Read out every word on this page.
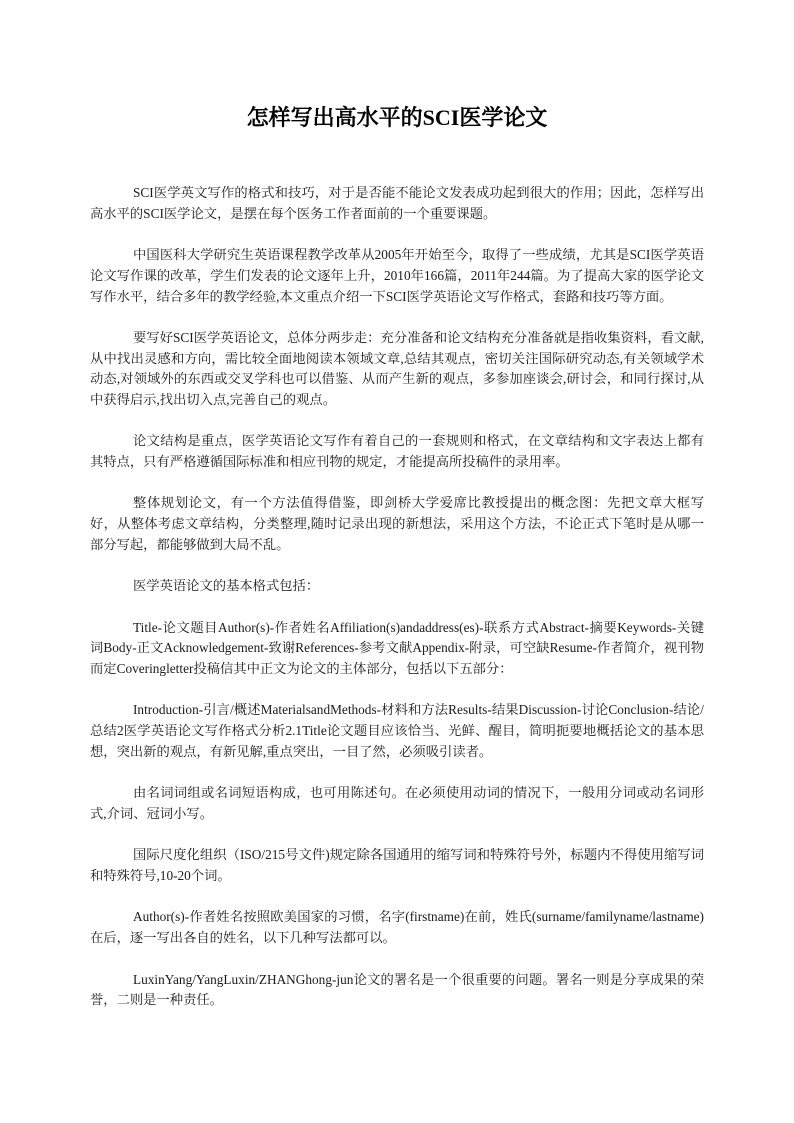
怎样写出高水平的SCI医学论文

SCI医学英文写作的格式和技巧，对于是否能不能论文发表成功起到很大的作用；因此，怎样写出高水平的SCI医学论文，是摆在每个医务工作者面前的一个重要课题。

中国医科大学研究生英语课程教学改革从2005年开始至今，取得了一些成绩，尤其是SCI医学英语论文写作课的改革，学生们发表的论文逐年上升，2010年166篇，2011年244篇。为了提高大家的医学论文写作水平，结合多年的教学经验,本文重点介绍一下SCI医学英语论文写作格式，套路和技巧等方面。

要写好SCI医学英语论文，总体分两步走：充分准备和论文结构充分准备就是指收集资料，看文献,从中找出灵感和方向，需比较全面地阅读本领域文章,总结其观点，密切关注国际研究动态,有关领域学术动态,对领域外的东西或交叉学科也可以借鉴、从而产生新的观点，多参加座谈会,研讨会，和同行探讨,从中获得启示,找出切入点,完善自己的观点。

论文结构是重点，医学英语论文写作有着自己的一套规则和格式，在文章结构和文字表达上都有其特点，只有严格遵循国际标准和相应刊物的规定，才能提高所投稿件的录用率。

整体规划论文，有一个方法值得借鉴，即剑桥大学爱席比教授提出的概念图：先把文章大框写好，从整体考虑文章结构，分类整理,随时记录出现的新想法，采用这个方法，不论正式下笔时是从哪一部分写起，都能够做到大局不乱。

医学英语论文的基本格式包括：

Title-论文题目Author(s)-作者姓名Affiliation(s)andaddress(es)-联系方式Abstract-摘要Keywords-关键词Body-正文Acknowledgement-致谢References-参考文献Appendix-附录，可空缺Resume-作者简介，视刊物而定Coveringletter投稿信其中正文为论文的主体部分，包括以下五部分：

Introduction-引言/概述MaterialsandMethods-材料和方法Results-结果Discussion-讨论Conclusion-结论/总结2医学英语论文写作格式分析2.1Title论文题目应该恰当、光鲜、醒目，简明扼要地概括论文的基本思想，突出新的观点，有新见解,重点突出，一目了然，必须吸引读者。

由名词词组或名词短语构成，也可用陈述句。在必须使用动词的情况下，一般用分词或动名词形式,介词、冠词小写。

国际尺度化组织（ISO/215号文件)规定除各国通用的缩写词和特殊符号外，标题内不得使用缩写词和特殊符号,10-20个词。

Author(s)-作者姓名按照欧美国家的习惯，名字(firstname)在前，姓氏(surname/familyname/lastname)在后，逐一写出各自的姓名，以下几种写法都可以。

LuxinYang/YangLuxin/ZHANGhong-jun论文的署名是一个很重要的问题。署名一则是分享成果的荣誉，二则是一种责任。
